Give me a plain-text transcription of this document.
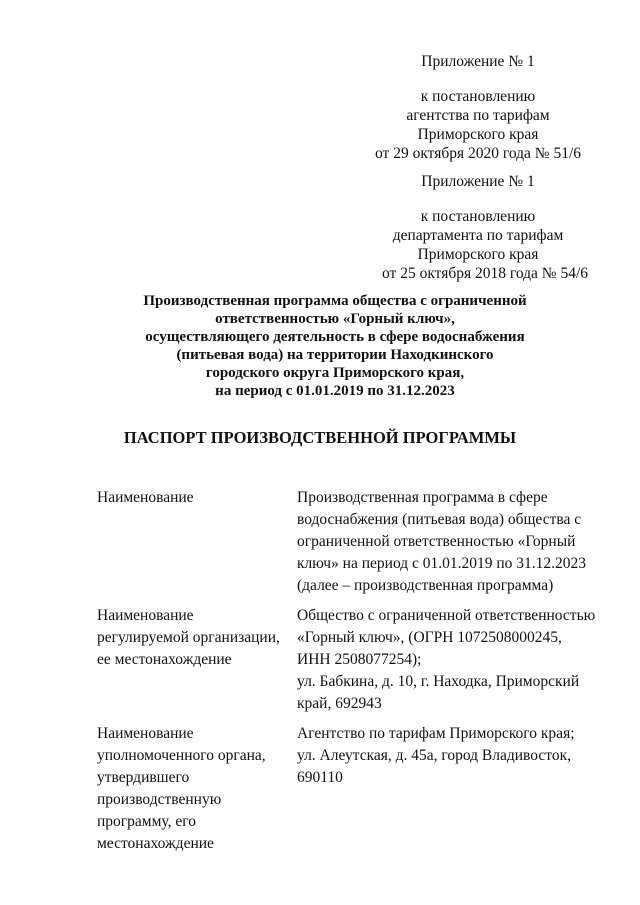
Приложение № 1
к постановлению
агентства по тарифам
Приморского края
от 29 октября 2020 года № 51/6
Приложение № 1
к постановлению
департамента по тарифам
Приморского края
от 25 октября 2018 года № 54/6
Производственная программа общества с ограниченной
ответственностью «Горный ключ»,
осуществляющего деятельность в сфере водоснабжения
(питьевая вода) на территории Находкинского
городского округа Приморского края,
на период с 01.01.2019 по 31.12.2023
ПАСПОРТ ПРОИЗВОДСТВЕННОЙ ПРОГРАММЫ
Наименование	Производственная программа в сфере
водоснабжения (питьевая вода) общества с
ограниченной ответственностью «Горный
ключ» на период с 01.01.2019 по 31.12.2023
(далее – производственная программа)
Наименование
регулируемой организации,
ее местонахождение
Общество с ограниченной ответственностью
«Горный ключ», (ОГРН 1072508000245,
ИНН 2508077254);
ул. Бабкина, д. 10, г. Находка, Приморский
край, 692943
Наименование
уполномоченного органа,
утвердившего
производственную
программу, его
местонахождение
Агентство по тарифам Приморского края;
ул. Алеутская, д. 45а, город Владивосток,
690110
